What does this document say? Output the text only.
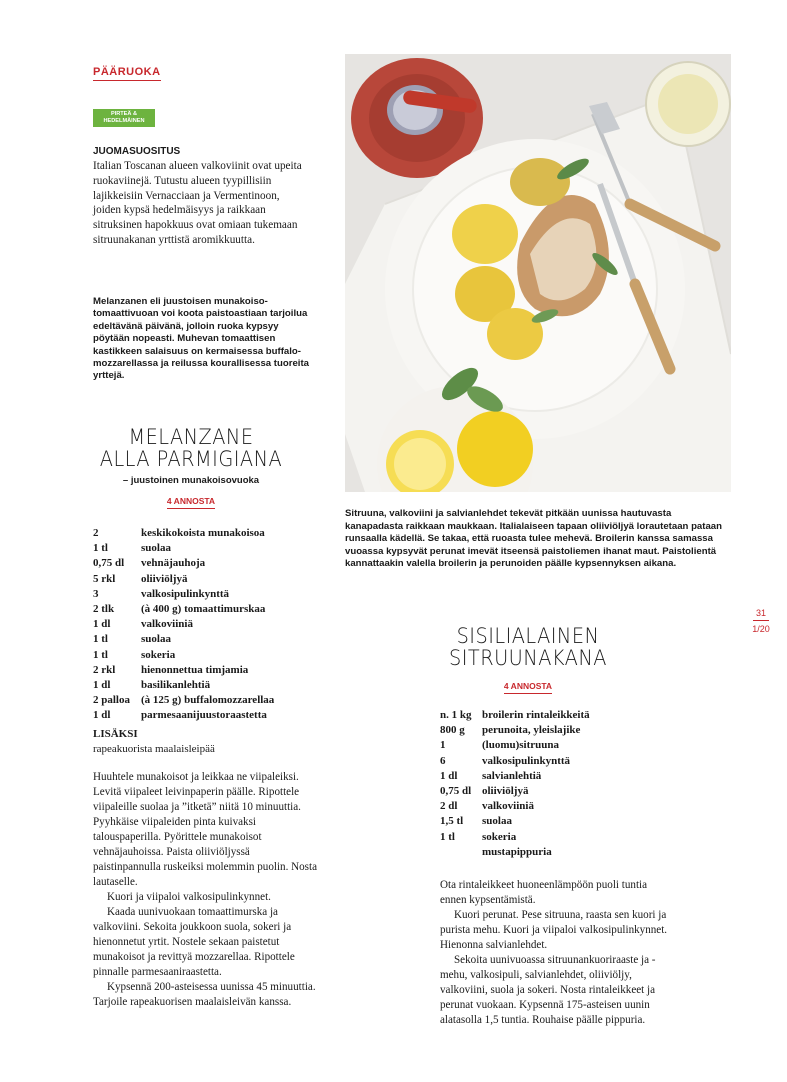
PÄÄRUOKA
PIRTEÄ &
HEDELMÄINEN
JUOMASUOSITUS
Italian Toscanan alueen valkoviinit ovat upeita ruokaviinejä. Tutustu alueen tyypillisiin lajikkeisiin Vernacciaan ja Vermentinoon, joiden kypsä hedelmäisyys ja raikkaan sitruksinen hapokkuus ovat omiaan tukemaan sitruunakanan yrttistä aromikkuutta.
Melanzanen eli juustoisen munakoiso-tomaattivuoan voi koota paistoastiaan tarjoilua edeltävänä päivänä, jolloin ruoka kypsyy pöytään nopeasti. Muhevan tomaattisen kastikkeen salaisuus on kermaisessa buffalo-mozzarellassa ja reilussa kourallisessa tuoreita yrttejä.
MELANZANE
ALLA PARMIGIANA
– juustoinen munakoisovuoka
4 ANNOSTA
2	keskikokoista munakoisoa
1 tl	suolaa
0,75 dl	vehnäjauhoja
5 rkl	oliiviöljyä
3	valkosipulinkynttä
2 tlk	(à 400 g) tomaattimurskaa
1 dl	valkoviiniä
1 tl	suolaa
1 tl	sokeria
2 rkl	hienonnettua timjamia
1 dl	basilikanlehtiä
2 palloa	(à 125 g) buffalomozzarellaa
1 dl	parmesaanijuustoraastetta
LISÄKSI
rapeakuorista maalaisleipää

Huuhtele munakoisot ja leikkaa ne viipaleiksi. Levitä viipaleet leivinpaperin päälle. Ripottele viipaleille suolaa ja ”itketä” niitä 10 minuuttia. Pyyhkäise viipaleiden pinta kuivaksi talouspaperilla. Pyörittele munakoisot vehnäjauhoissa. Paista oliiviöljyssä paistinpannulla ruskeiksi molemmin puolin. Nosta lautaselle.

Kuori ja viipaloi valkosipulinkynnet.

Kaada uunivuokaan tomaattimurska ja valkoviini. Sekoita joukkoon suola, sokeri ja hienonnetut yrtit. Nostele sekaan paistetut munakoisot ja revittyä mozzarellaa. Ripottele pinnalle parmesaaniraastetta.

Kypsennä 200-asteisessa uunissa 45 minuuttia. Tarjoile rapeakuorisen maalaisleivän kanssa.

Sitruuna, valkoviini ja salvianlehdet tekevät pitkään uunissa hautuvasta kanapadasta raikkaan maukkaan. Italialaiseen tapaan oliiviöljyä lorautetaan pataan runsaalla kädellä. Se takaa, että ruoasta tulee mehevä. Broilerin kanssa samassa vuoassa kypsyvät perunat imevät itseensä paistoliemen ihanat maut. Paistolientä kannattaakin valella broilerin ja perunoiden päälle kypsennyksen aikana.
31
1/20
SISILIALAINEN
SITRUUNAKANA
4 ANNOSTA
n. 1 kg broilerin rintaleikkeitä
800 g	perunoita, yleislajike
1	(luomu)sitruuna
6	valkosipulinkynttä
1 dl	salvianlehtiä
0,75 dl oliiviöljyä
2 dl	valkoviiniä
1,5 tl	suolaa
1 tl	sokeria
mustapippuria

Ota rintaleikkeet huoneenlämpöön puoli tuntia ennen kypsentämistä.

Kuori perunat. Pese sitruuna, raasta sen kuori ja purista mehu. Kuori ja viipaloi valkosipulinkynnet. Hienonna salvianlehdet.

Sekoita uunivuoassa sitruunankuoriraaste ja -mehu, valkosipuli, salvianlehdet, oliiviöljy, valkoviini, suola ja sokeri. Nosta rintaleikkeet ja perunat vuokaan. Kypsennä 175-asteisen uunin alatasolla 1,5 tuntia. Rouhaise päälle pippuria.
